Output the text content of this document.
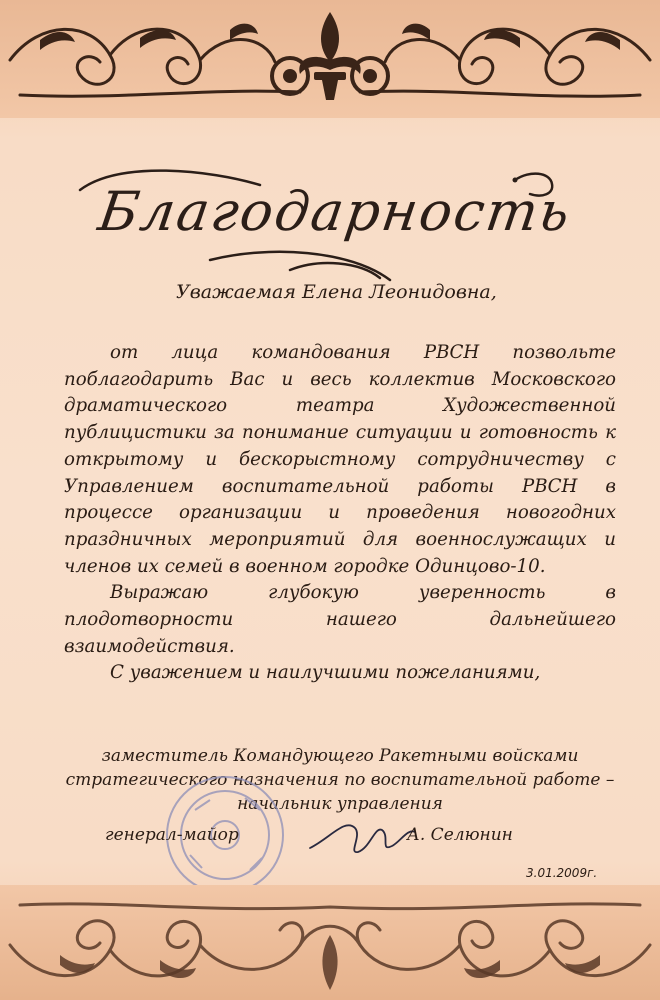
Благодарность
Уважаемая Елена Леонидовна,

от лица командования РВСН позвольте поблагодарить Вас и весь коллектив Московского драматического театра Художественной публицистики за понимание ситуации и готовность к открытому и бескорыстному сотрудничеству с Управлением воспитательной работы РВСН в процессе организации и проведения новогодних праздничных мероприятий для военнослужащих и членов их семей в военном городке Одинцово-10.

Выражаю глубокую уверенность в плодотворности нашего дальнейшего взаимодействия.

С уважением и наилучшими пожеланиями,

заместитель Командующего Ракетными войсками
стратегического назначения по воспитательной работе –
начальник управления
генерал-майор	А. Селюнин
3.01.2009г.
